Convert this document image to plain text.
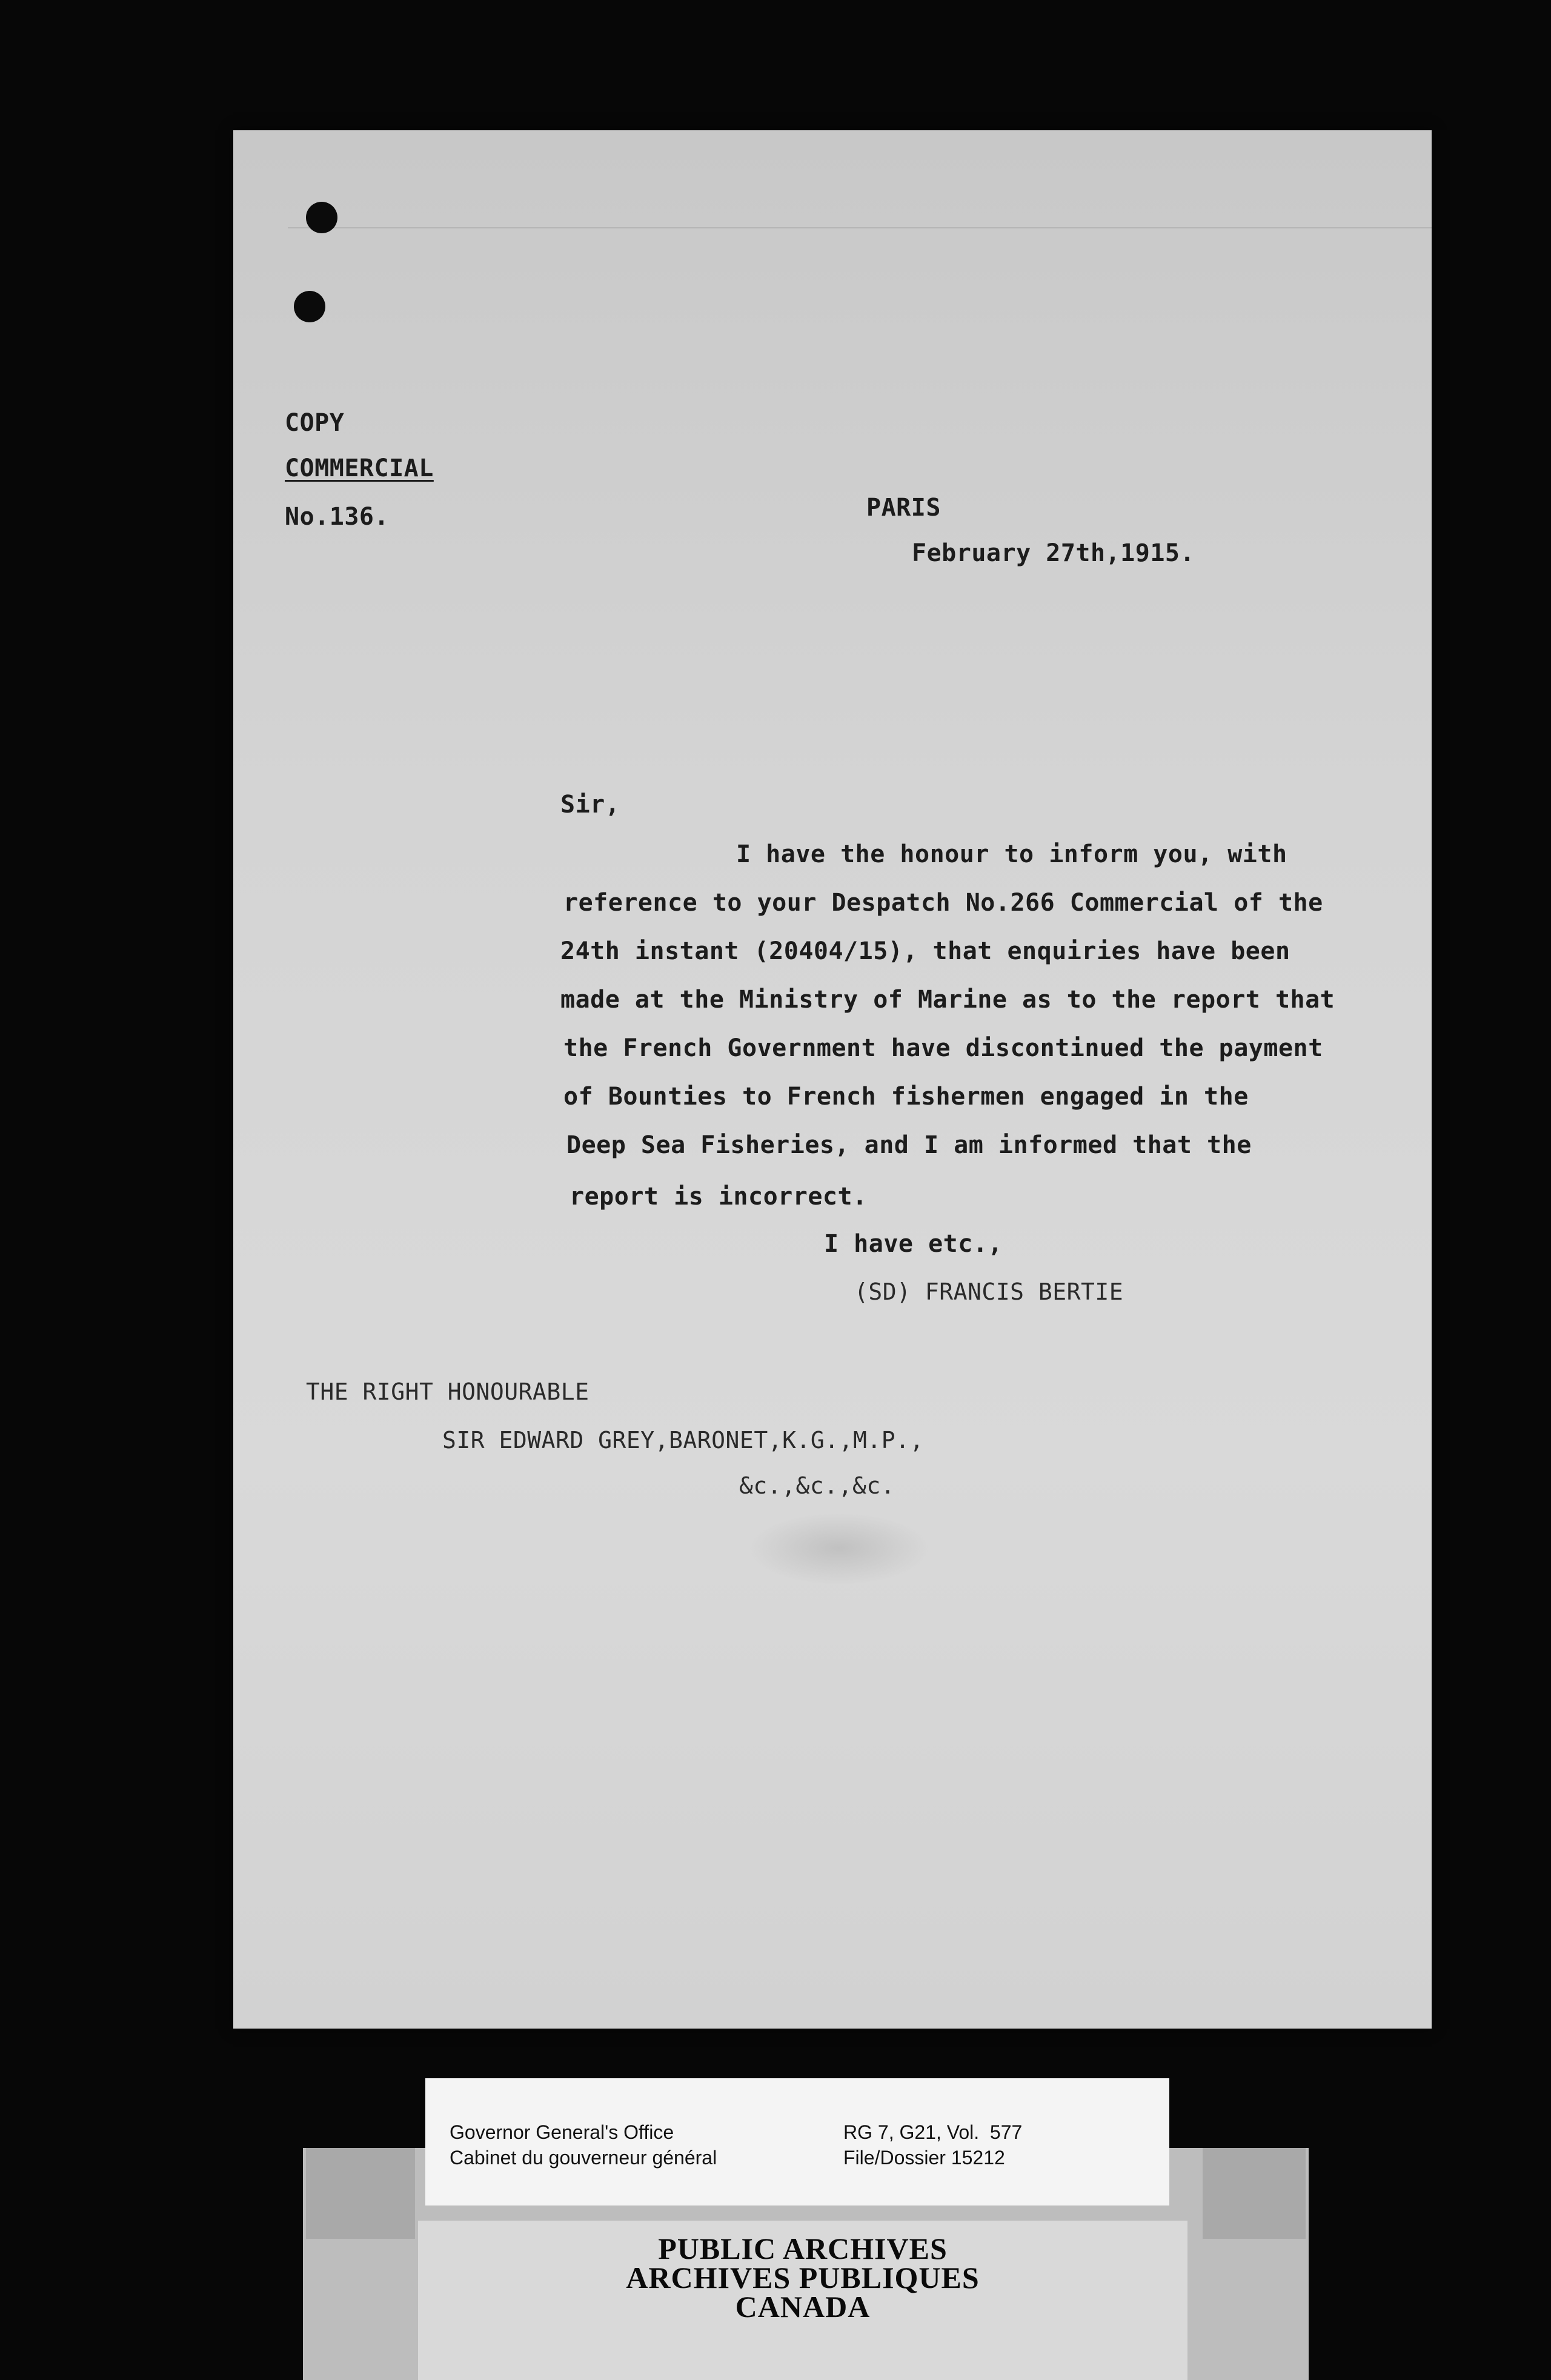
COPY
COMMERCIAL
No.136.	PARIS
February 27th,1915.
Sir,
I have the honour to inform you, with
reference to your Despatch No.266 Commercial of the
24th instant (20404/15), that enquiries have been
made at the Ministry of Marine as to the report that
the French Government have discontinued the payment
of Bounties to French fishermen engaged in the
Deep Sea Fisheries, and I am informed that the
report is incorrect.
I have etc.,
(SD) FRANCIS BERTIE
THE RIGHT HONOURABLE
SIR EDWARD GREY,BARONET,K.G.,M.P.,
&c.,&c.,&c.
Governor General's Office
Cabinet du gouverneur général
RG 7, G21, Vol.  577
File/Dossier 15212
PUBLIC ARCHIVES
ARCHIVES PUBLIQUES
CANADA
